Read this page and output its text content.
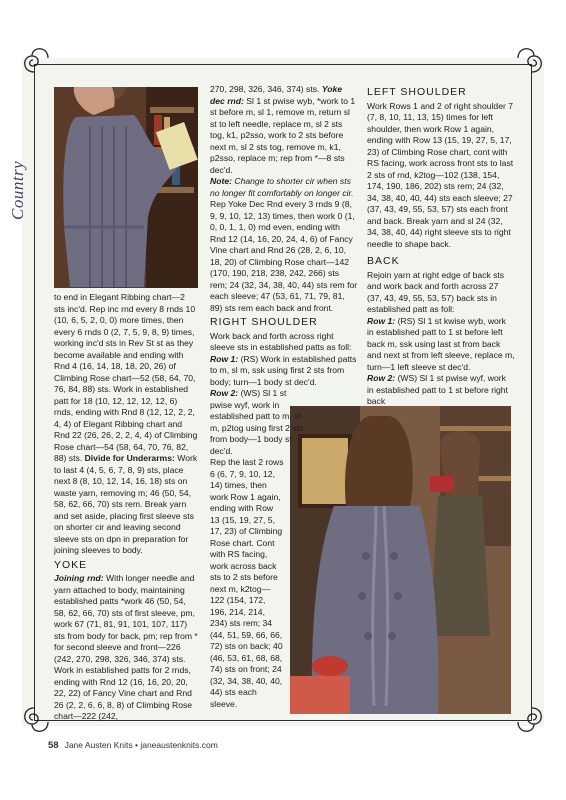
Country

to end in Elegant Ribbing chart—2 sts inc'd. Rep inc rnd every 8 rnds 10 (10, 6, 5, 2, 0, 0) more times, then every 6 rnds 0 (2, 7, 5, 9, 8, 9) times, working inc'd sts in Rev St st as they become available and ending with Rnd 4 (16, 14, 18, 18, 20, 26) of Climbing Rose chart—52 (58, 64, 70, 76, 84, 88) sts. Work in established patt for 18 (10, 12, 12, 12, 12, 6) rnds, ending with Rnd 8 (12, 12, 2, 2, 4, 4) of Elegant Ribbing chart and Rnd 22 (26, 26, 2, 2, 4, 4) of Climbing Rose chart—54 (58, 64, 70, 76, 82, 88) sts. Divide for Underarms: Work to last 4 (4, 5, 6, 7, 8, 9) sts, place next 8 (8, 10, 12, 14, 16, 18) sts on waste yarn, removing m; 46 (50, 54, 58, 62, 66, 70) sts rem. Break yarn and set aside, placing first sleeve sts on shorter cir and leaving second sleeve sts on dpn in preparation for joining sleeves to body.

YOKE

Joining rnd: With longer needle and yarn attached to body, maintaining established patts *work 46 (50, 54, 58, 62, 66, 70) sts of first sleeve, pm, work 67 (71, 81, 91, 101, 107, 117) sts from body for back, pm; rep from * for second sleeve and front—226 (242, 270, 298, 326, 346, 374) sts. Work in established patts for 2 rnds, ending with Rnd 12 (16, 16, 20, 20, 22, 22) of Fancy Vine chart and Rnd 26 (2, 2, 6, 6, 8, 8) of Climbing Rose chart—222 (242,

270, 298, 326, 346, 374) sts. Yoke dec rnd: Sl 1 st pwise wyb, *work to 1 st before m, sl 1, remove m, return sl st to left needle, replace m, sl 2 sts tog, k1, p2sso, work to 2 sts before next m, sl 2 sts tog, remove m, k1, p2sso, replace m; rep from *—8 sts dec'd.

Note: Change to shorter cir when sts no longer fit comfortably on longer cir.

Rep Yoke Dec Rnd every 3 rnds 9 (8, 9, 9, 10, 12, 13) times, then work 0 (1, 0, 0, 1, 1, 0) rnd even, ending with Rnd 12 (14, 16, 20, 24, 4, 6) of Fancy Vine chart and Rnd 26 (28, 2, 6, 10, 18, 20) of Climbing Rose chart—142 (170, 190, 218, 238, 242, 266) sts rem; 24 (32, 34, 38, 40, 44) sts rem for each sleeve; 47 (53, 61, 71, 79, 81, 89) sts rem each back and front.

RIGHT SHOULDER

Work back and forth across right sleeve sts in established patts as foll:

Row 1: (RS) Work in established patts to m, sl m, ssk using first 2 sts from body; turn—1 body st dec'd.

Row 2: (WS) Sl 1 st pwise wyf, work in established patt to m, sl m, p2tog using first 2 sts from body—1 body st dec'd.

Rep the last 2 rows 6 (6, 7, 9, 10, 12, 14) times, then work Row 1 again, ending with Row 13 (15, 19, 27, 5, 17, 23) of Climbing Rose chart. Cont with RS facing, work across back sts to 2 sts before next m, k2tog—122 (154, 172, 196, 214, 214, 234) sts rem; 34 (44, 51, 59, 66, 66, 72) sts on back; 40 (46, 53, 61, 68, 68, 74) sts on front; 24 (32, 34, 38, 40, 40, 44) sts each sleeve.

LEFT SHOULDER

Work Rows 1 and 2 of right shoulder 7 (7, 8, 10, 11, 13, 15) times for left shoulder, then work Row 1 again, ending with Row 13 (15, 19, 27, 5, 17, 23) of Climbing Rose chart, cont with RS facing, work across front sts to last 2 sts of rnd, k2tog—102 (138, 154, 174, 190, 186, 202) sts rem; 24 (32, 34, 38, 40, 40, 44) sts each sleeve; 27 (37, 43, 49, 55, 53, 57) sts each front and back. Break yarn and sl 24 (32, 34, 38, 40, 44) right sleeve sts to right needle to shape back.

BACK

Rejoin yarn at right edge of back sts and work back and forth across 27 (37, 43, 49, 55, 53, 57) back sts in established patt as foll:

Row 1: (RS) Sl 1 st kwise wyb, work in established patt to 1 st before left back m, ssk using last st from back and next st from left sleeve, replace m, turn—1 left sleeve st dec'd.

Row 2: (WS) Sl 1 st pwise wyf, work in established patt to 1 st before right back

58 Jane Austen Knits • janeaustenknits.com
